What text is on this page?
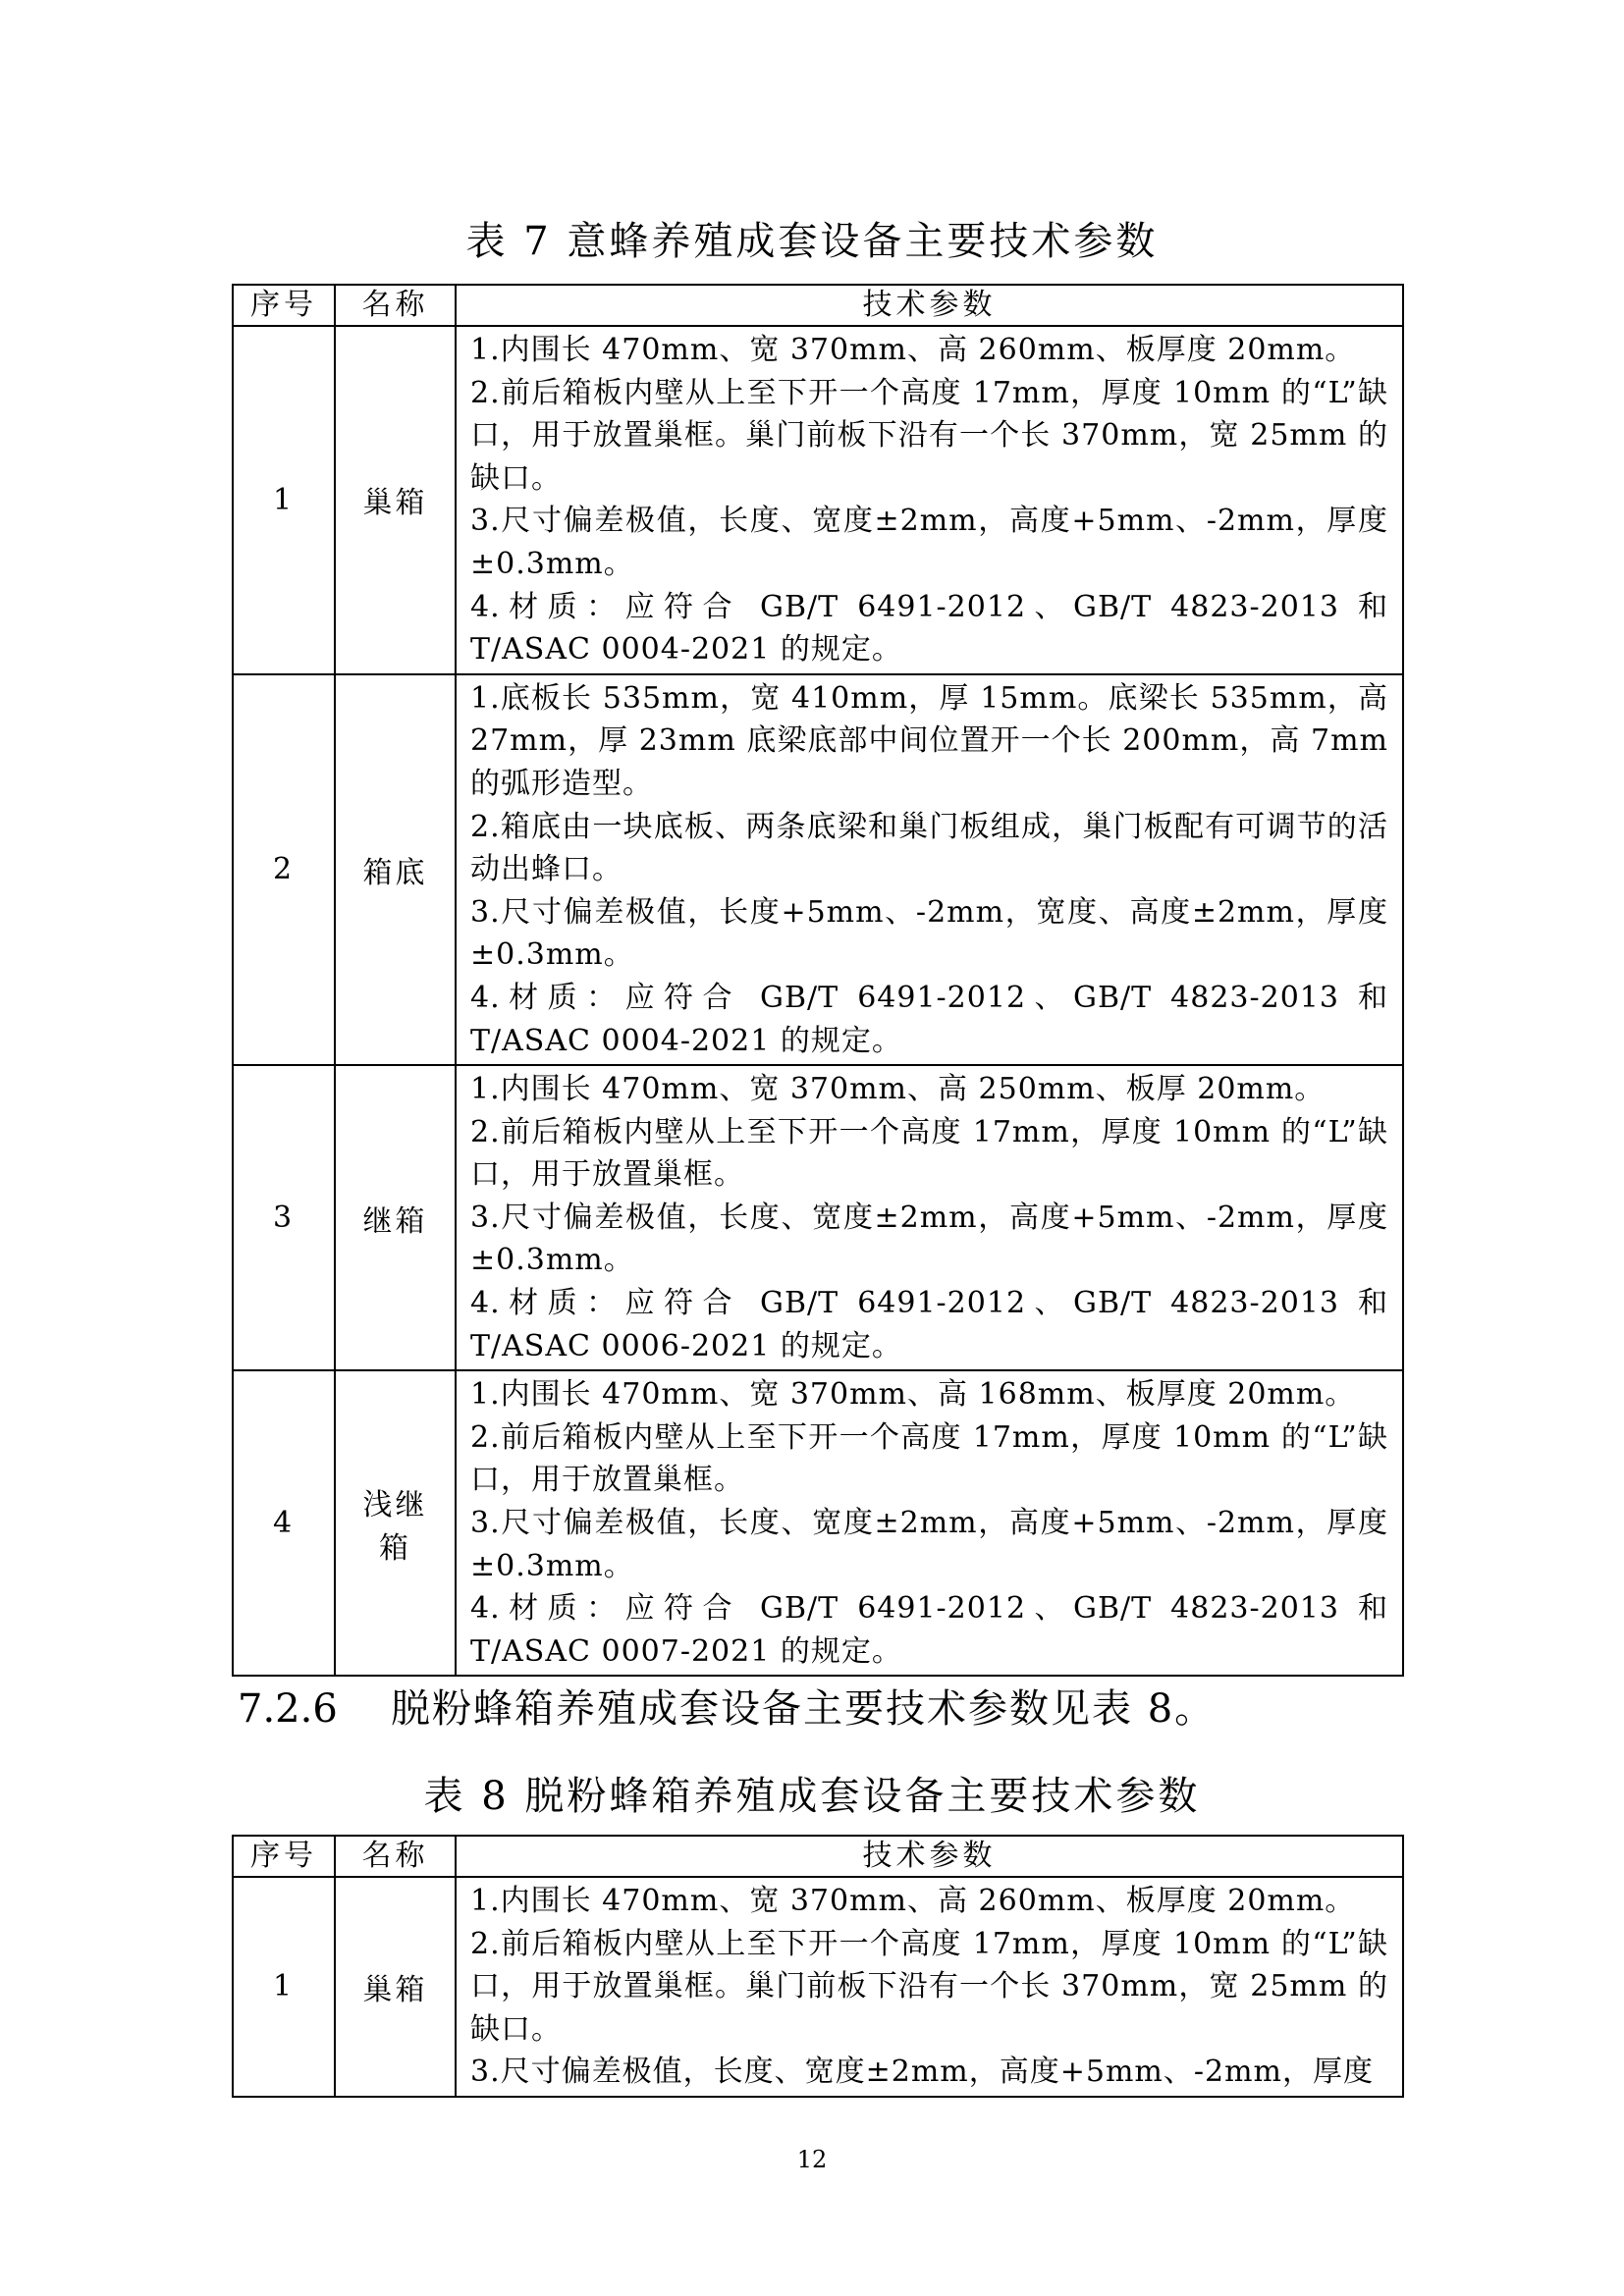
表 7 意蜂养殖成套设备主要技术参数
序号	名称	技术参数
1	巢箱	1.内围长 470mm、宽 370mm、高 260mm、板厚度 20mm。
2.前后箱板内壁从上至下开一个高度 17mm，厚度 10mm 的“L”缺口，用于放置巢框。巢门前板下沿有一个长 370mm，宽 25mm 的缺口。
3.尺寸偏差极值，长度、宽度±2mm，高度+5mm、-2mm，厚度±0.3mm。
4.材质：应符合 GB/T 6491-2012、GB/T 4823-2013 和 T/ASAC 0004-2021 的规定。

2	箱底	1.底板长 535mm，宽 410mm，厚 15mm。底梁长 535mm，高 27mm，厚 23mm 底梁底部中间位置开一个长 200mm，高 7mm 的弧形造型。
2.箱底由一块底板、两条底梁和巢门板组成，巢门板配有可调节的活动出蜂口。
3.尺寸偏差极值，长度+5mm、-2mm，宽度、高度±2mm，厚度±0.3mm。
4.材质：应符合 GB/T 6491-2012、GB/T 4823-2013 和 T/ASAC 0004-2021 的规定。

3	继箱	1.内围长 470mm、宽 370mm、高 250mm、板厚 20mm。
2.前后箱板内壁从上至下开一个高度 17mm，厚度 10mm 的“L”缺口，用于放置巢框。
3.尺寸偏差极值，长度、宽度±2mm，高度+5mm、-2mm，厚度±0.3mm。
4.材质：应符合 GB/T 6491-2012、GB/T 4823-2013 和 T/ASAC 0006-2021 的规定。

4	浅继箱	1.内围长 470mm、宽 370mm、高 168mm、板厚度 20mm。
2.前后箱板内壁从上至下开一个高度 17mm，厚度 10mm 的“L”缺口，用于放置巢框。
3.尺寸偏差极值，长度、宽度±2mm，高度+5mm、-2mm，厚度±0.3mm。
4.材质：应符合 GB/T 6491-2012、GB/T 4823-2013 和 T/ASAC 0007-2021 的规定。
7.2.6 脱粉蜂箱养殖成套设备主要技术参数见表 8。
表 8 脱粉蜂箱养殖成套设备主要技术参数
序号	名称	技术参数
1	巢箱	1.内围长 470mm、宽 370mm、高 260mm、板厚度 20mm。
2.前后箱板内壁从上至下开一个高度 17mm，厚度 10mm 的“L”缺口，用于放置巢框。巢门前板下沿有一个长 370mm，宽 25mm 的缺口。
3.尺寸偏差极值，长度、宽度±2mm，高度+5mm、-2mm，厚度
12
